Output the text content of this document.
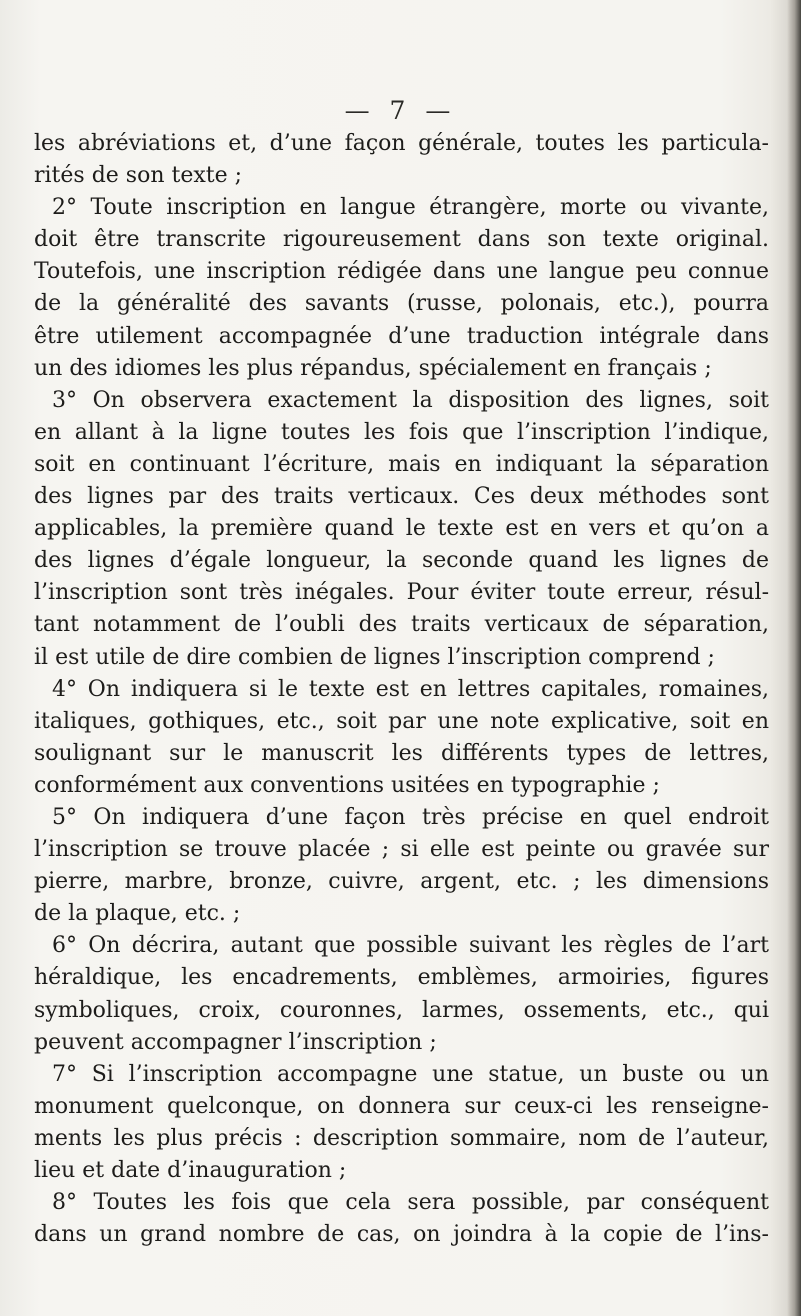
— 7 —
les abréviations et, d’une façon générale, toutes les particula-
rités de son texte ;
2° Toute inscription en langue étrangère, morte ou vivante,
doit être transcrite rigoureusement dans son texte original.
Toutefois, une inscription rédigée dans une langue peu connue
de la généralité des savants (russe, polonais, etc.), pourra
être utilement accompagnée d’une traduction intégrale dans
un des idiomes les plus répandus, spécialement en français ;
3° On observera exactement la disposition des lignes, soit
en allant à la ligne toutes les fois que l’inscription l’indique,
soit en continuant l’écriture, mais en indiquant la séparation
des lignes par des traits verticaux. Ces deux méthodes sont
applicables, la première quand le texte est en vers et qu’on a
des lignes d’égale longueur, la seconde quand les lignes de
l’inscription sont très inégales. Pour éviter toute erreur, résul-
tant notamment de l’oubli des traits verticaux de séparation,
il est utile de dire combien de lignes l’inscription comprend ;
4° On indiquera si le texte est en lettres capitales, romaines,
italiques, gothiques, etc., soit par une note explicative, soit en
soulignant sur le manuscrit les différents types de lettres,
conformément aux conventions usitées en typographie ;
5° On indiquera d’une façon très précise en quel endroit
l’inscription se trouve placée ; si elle est peinte ou gravée sur
pierre, marbre, bronze, cuivre, argent, etc. ; les dimensions
de la plaque, etc. ;
6° On décrira, autant que possible suivant les règles de l’art
héraldique, les encadrements, emblèmes, armoiries, figures
symboliques, croix, couronnes, larmes, ossements, etc., qui
peuvent accompagner l’inscription ;
7° Si l’inscription accompagne une statue, un buste ou un
monument quelconque, on donnera sur ceux-ci les renseigne-
ments les plus précis : description sommaire, nom de l’auteur,
lieu et date d’inauguration ;
8° Toutes les fois que cela sera possible, par conséquent
dans un grand nombre de cas, on joindra à la copie de l’ins-
